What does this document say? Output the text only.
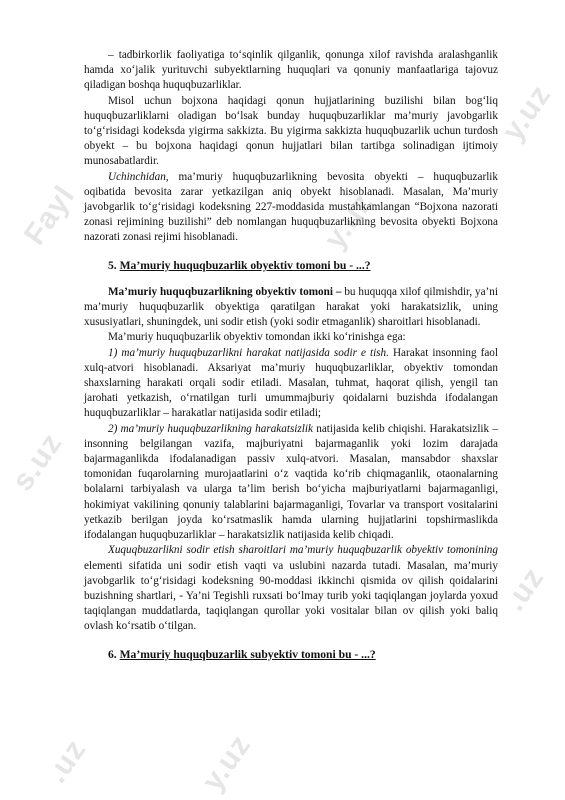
Fayl
y.uz
s.uz
y.uz
.uz
y.uz
.uz

– tadbirkorlik faoliyatiga to‘sqinlik qilganlik, qonunga xilof ravishda aralashganlik hamda xo‘jalik yurituvchi subyektlarning huquqlari va qonuniy manfaatlariga tajovuz qiladigan boshqa huquqbuzarliklar.

Misol uchun bojxona haqidagi qonun hujjatlarining buzilishi bilan bog‘liq huquqbuzarliklarni oladigan bo‘lsak bunday huquqbuzarliklar ma’muriy javobgarlik to‘g‘risidagi kodeksda yigirma sakkizta. Bu yigirma sakkizta huquqbuzarlik uchun turdosh obyekt – bu bojxona haqidagi qonun hujjatlari bilan tartibga solinadigan ijtimoiy munosabatlardir.

Uchinchidan, ma’muriy huquqbuzarlikning bevosita obyekti – huquqbuzarlik oqibatida bevosita zarar yetkazilgan aniq obyekt hisoblanadi. Masalan, Ma’muriy javobgarlik to‘g‘risidagi kodeksning 227-moddasida mustahkamlangan “Bojxona nazorati zonasi rejimining buzilishi” deb nomlangan huquqbuzarlikning bevosita obyekti Bojxona nazorati zonasi rejimi hisoblanadi.

5. Ma’muriy huquqbuzarlik obyektiv tomoni bu - ...?

Ma’muriy huquqbuzarlikning obyektiv tomoni – bu huquqqa xilof qilmishdir, ya’ni ma’muriy huquqbuzarlik obyektiga qaratilgan harakat yoki harakatsizlik, uning xususiyatlari, shuningdek, uni sodir etish (yoki sodir etmaganlik) sharoitlari hisoblanadi.

Ma’muriy huquqbuzarlik obyektiv tomondan ikki ko‘rinishga ega:

1) ma’muriy huquqbuzarlikni harakat natijasida sodir e tish. Harakat insonning faol xulq-atvori hisoblanadi. Aksariyat ma’muriy huquqbuzarliklar, obyektiv tomondan shaxslarning harakati orqali sodir etiladi. Masalan, tuhmat, haqorat qilish, yengil tan jarohati yetkazish, o‘rnatilgan turli umummajburiy qoidalarni buzishda ifodalangan huquqbuzarliklar – harakatlar natijasida sodir etiladi;

2) ma’muriy huquqbuzarlikning harakatsizlik natijasida kelib chiqishi. Harakatsizlik – insonning belgilangan vazifa, majburiyatni bajarmaganlik yoki lozim darajada bajarmaganlikda ifodalanadigan passiv xulq-atvori. Masalan, mansabdor shaxslar tomonidan fuqarolarning murojaatlarini o‘z vaqtida ko‘rib chiqmaganlik, otaonalarning bolalarni tarbiyalash va ularga ta’lim berish bo‘yicha majburiyatlarni bajarmaganligi, hokimiyat vakilining qonuniy talablarini bajarmaganligi, Tovarlar va transport vositalarini yetkazib berilgan joyda ko‘rsatmaslik hamda ularning hujjatlarini topshirmaslikda ifodalangan huquqbuzarliklar – harakatsizlik natijasida kelib chiqadi.

Xuquqbuzarlikni sodir etish sharoitlari ma’muriy huquqbuzarlik obyektiv tomonining elementi sifatida uni sodir etish vaqti va uslubini nazarda tutadi. Masalan, ma’muriy javobgarlik to‘g‘risidagi kodeksning 90-moddasi ikkinchi qismida ov qilish qoidalarini buzishning shartlari, - Ya’ni Tegishli ruxsati bo‘lmay turib yoki taqiqlangan joylarda yoxud taqiqlangan muddatlarda, taqiqlangan qurollar yoki vositalar bilan ov qilish yoki baliq ovlash ko‘rsatib o‘tilgan.

6. Ma’muriy huquqbuzarlik subyektiv tomoni bu - ...?
